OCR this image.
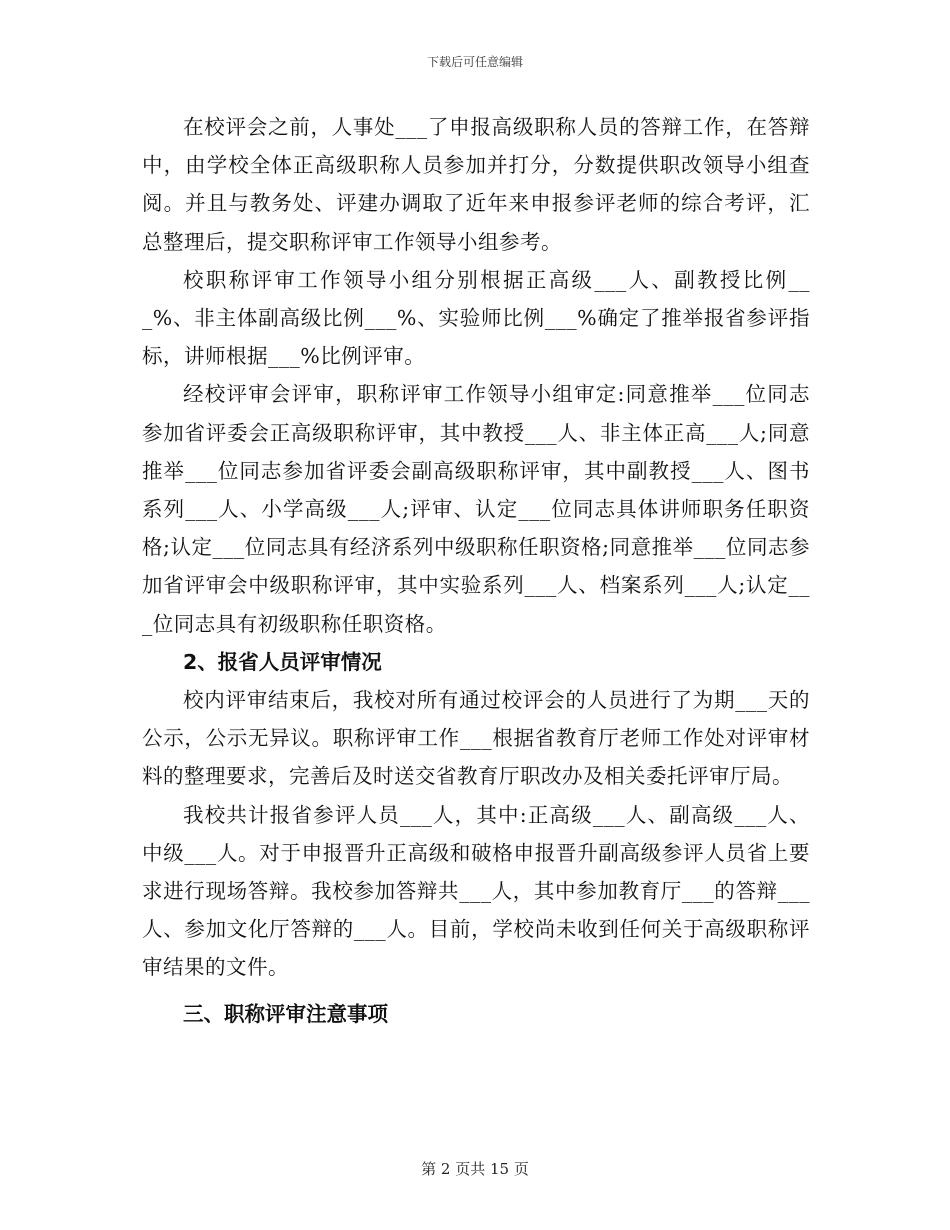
下载后可任意编辑

在校评会之前，人事处___了申报高级职称人员的答辩工作，在答辩中，由学校全体正高级职称人员参加并打分，分数提供职改领导小组查阅。并且与教务处、评建办调取了近年来申报参评老师的综合考评，汇总整理后，提交职称评审工作领导小组参考。

校职称评审工作领导小组分别根据正高级___人、副教授比例___%、非主体副高级比例___%、实验师比例___%确定了推举报省参评指标，讲师根据___%比例评审。

经校评审会评审，职称评审工作领导小组审定:同意推举___位同志参加省评委会正高级职称评审，其中教授___人、非主体正高___人;同意推举___位同志参加省评委会副高级职称评审，其中副教授___人、图书系列___人、小学高级___人;评审、认定___位同志具体讲师职务任职资格;认定___位同志具有经济系列中级职称任职资格;同意推举___位同志参加省评审会中级职称评审，其中实验系列___人、档案系列___人;认定___位同志具有初级职称任职资格。

2、报省人员评审情况

校内评审结束后，我校对所有通过校评会的人员进行了为期___天的公示，公示无异议。职称评审工作___根据省教育厅老师工作处对评审材料的整理要求，完善后及时送交省教育厅职改办及相关委托评审厅局。

我校共计报省参评人员___人，其中:正高级___人、副高级___人、中级___人。对于申报晋升正高级和破格申报晋升副高级参评人员省上要求进行现场答辩。我校参加答辩共___人，其中参加教育厅___的答辩___人、参加文化厅答辩的___人。目前，学校尚未收到任何关于高级职称评审结果的文件。

三、职称评审注意事项

第 2 页共 15 页
